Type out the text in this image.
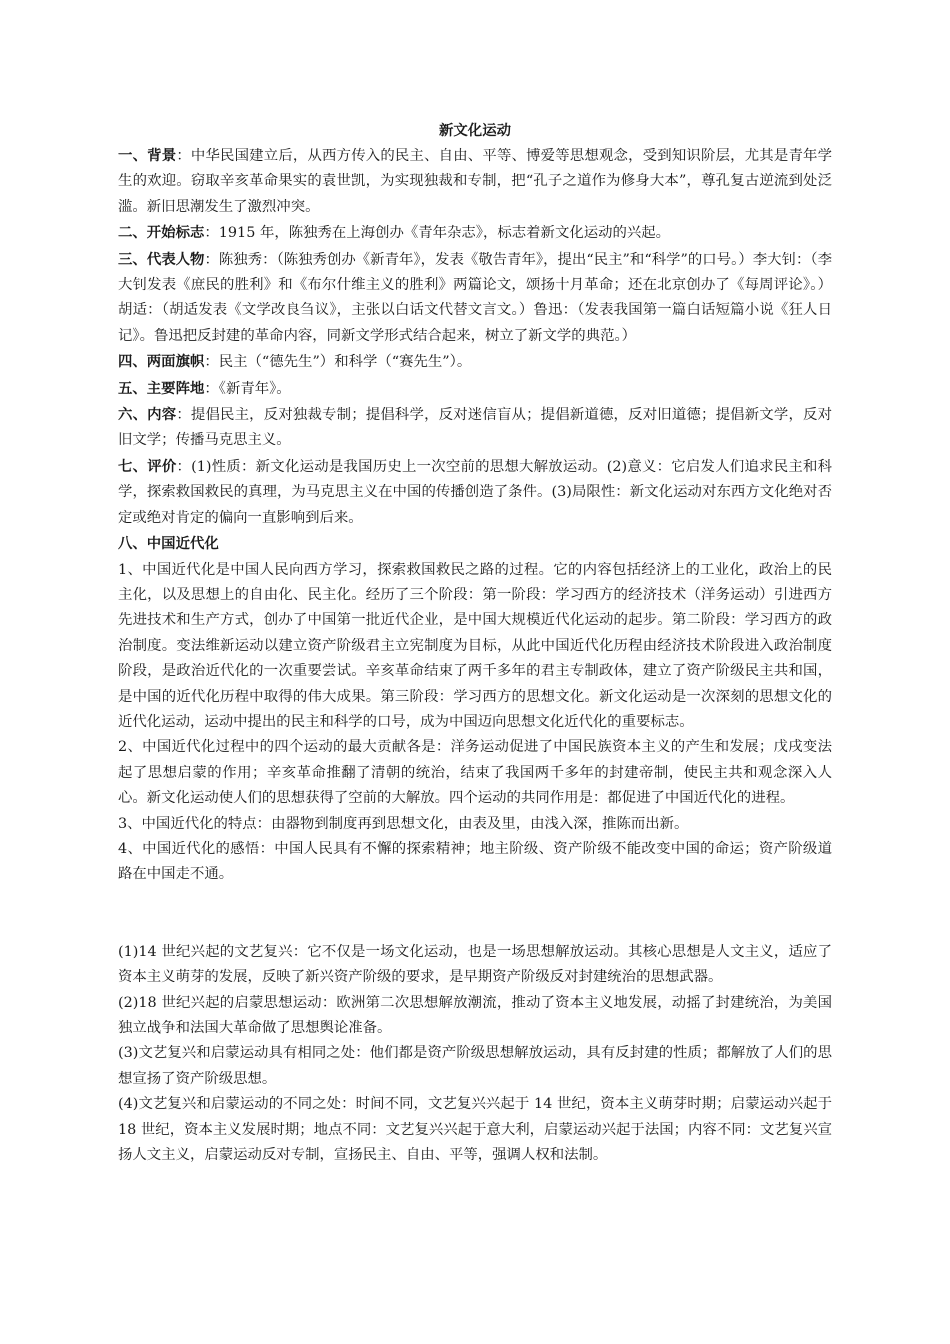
新文化运动

一、背景：中华民国建立后，从西方传入的民主、自由、平等、博爱等思想观念，受到知识阶层，尤其是青年学生的欢迎。窃取辛亥革命果实的袁世凯，为实现独裁和专制，把“孔子之道作为修身大本”，尊孔复古逆流到处泛滥。新旧思潮发生了激烈冲突。

二、开始标志：1915 年，陈独秀在上海创办《青年杂志》，标志着新文化运动的兴起。

三、代表人物：陈独秀：（陈独秀创办《新青年》，发表《敬告青年》，提出“民主”和“科学”的口号。）李大钊：（李大钊发表《庶民的胜利》和《布尔什维主义的胜利》两篇论文，颂扬十月革命；还在北京创办了《每周评论》。）胡适：（胡适发表《文学改良刍议》，主张以白话文代替文言文。）鲁迅：（发表我国第一篇白话短篇小说《狂人日记》。鲁迅把反封建的革命内容，同新文学形式结合起来，树立了新文学的典范。）

四、两面旗帜：民主（“德先生”）和科学（“赛先生”）。

五、主要阵地：《新青年》。

六、内容：提倡民主，反对独裁专制；提倡科学，反对迷信盲从；提倡新道德，反对旧道德；提倡新文学，反对旧文学；传播马克思主义。

七、评价：(1)性质：新文化运动是我国历史上一次空前的思想大解放运动。(2)意义：它启发人们追求民主和科学，探索救国救民的真理，为马克思主义在中国的传播创造了条件。(3)局限性：新文化运动对东西方文化绝对否定或绝对肯定的偏向一直影响到后来。

八、中国近代化

1、中国近代化是中国人民向西方学习，探索救国救民之路的过程。它的内容包括经济上的工业化，政治上的民主化，以及思想上的自由化、民主化。经历了三个阶段：第一阶段：学习西方的经济技术（洋务运动）引进西方先进技术和生产方式，创办了中国第一批近代企业，是中国大规模近代化运动的起步。第二阶段：学习西方的政治制度。变法维新运动以建立资产阶级君主立宪制度为目标，从此中国近代化历程由经济技术阶段进入政治制度阶段，是政治近代化的一次重要尝试。辛亥革命结束了两千多年的君主专制政体，建立了资产阶级民主共和国，是中国的近代化历程中取得的伟大成果。第三阶段：学习西方的思想文化。新文化运动是一次深刻的思想文化的近代化运动，运动中提出的民主和科学的口号，成为中国迈向思想文化近代化的重要标志。

2、中国近代化过程中的四个运动的最大贡献各是：洋务运动促进了中国民族资本主义的产生和发展；戊戌变法起了思想启蒙的作用；辛亥革命推翻了清朝的统治，结束了我国两千多年的封建帝制，使民主共和观念深入人心。新文化运动使人们的思想获得了空前的大解放。四个运动的共同作用是：都促进了中国近代化的进程。

3、中国近代化的特点：由器物到制度再到思想文化，由表及里，由浅入深，推陈而出新。

4、中国近代化的感悟：中国人民具有不懈的探索精神；地主阶级、资产阶级不能改变中国的命运；资产阶级道路在中国走不通。

(1)14 世纪兴起的文艺复兴：它不仅是一场文化运动，也是一场思想解放运动。其核心思想是人文主义，适应了资本主义萌芽的发展，反映了新兴资产阶级的要求，是早期资产阶级反对封建统治的思想武器。

(2)18 世纪兴起的启蒙思想运动：欧洲第二次思想解放潮流，推动了资本主义地发展，动摇了封建统治，为美国独立战争和法国大革命做了思想舆论准备。

(3)文艺复兴和启蒙运动具有相同之处：他们都是资产阶级思想解放运动，具有反封建的性质；都解放了人们的思想宣扬了资产阶级思想。

(4)文艺复兴和启蒙运动的不同之处：时间不同，文艺复兴兴起于 14 世纪，资本主义萌芽时期；启蒙运动兴起于 18 世纪，资本主义发展时期；地点不同：文艺复兴兴起于意大利，启蒙运动兴起于法国；内容不同：文艺复兴宣扬人文主义，启蒙运动反对专制，宣扬民主、自由、平等，强调人权和法制。
